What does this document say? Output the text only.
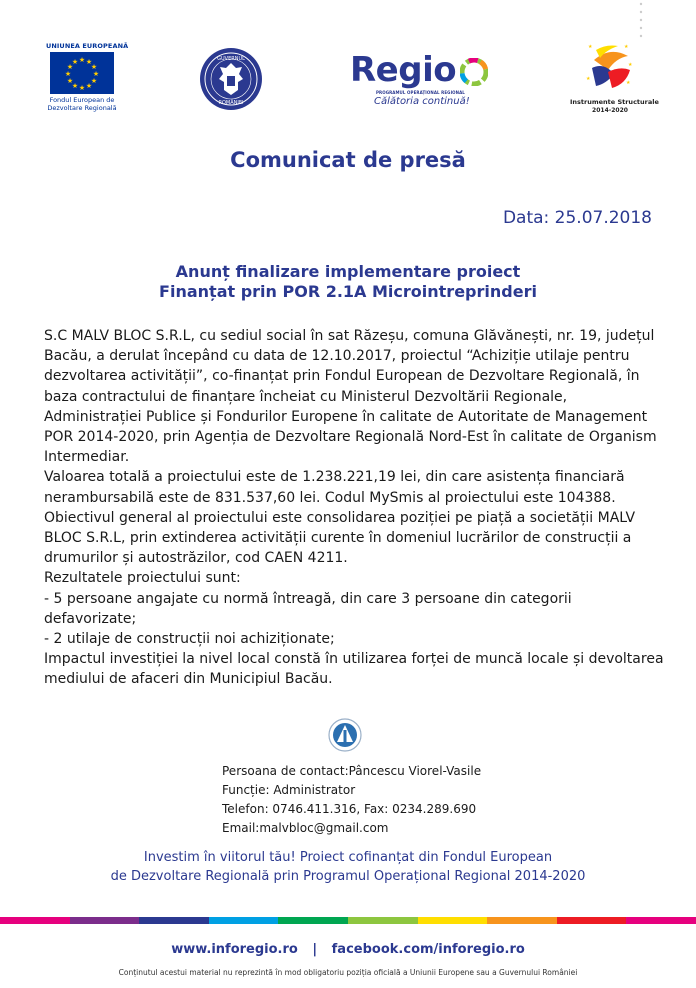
UNIUNEA EUROPEANĂ
★ ★
★
★
★
★
★
★
★
★
★
★
Fondul European de
Dezvoltare Regională
GUVERNUL
ROMÂNIEI
Regio
PROGRAMUL OPERAȚIONAL REGIONAL
Călătoria continuă!
★	★
★
★
★
Instrumente Structurale
2014-2020
Comunicat de presă
Data: 25.07.2018
Anunț finalizare implementare proiect
Finanțat prin POR 2.1A Microintreprinderi

S.C MALV BLOC S.R.L, cu sediul social în sat Răzeșu, comuna Glăvănești, nr. 19, județul Bacău, a derulat începând cu data de 12.10.2017, proiectul “Achiziție utilaje pentru dezvoltarea activității”, co-finanțat prin Fondul European de Dezvoltare Regională, în baza contractului de finanțare încheiat cu Ministerul Dezvoltării Regionale, Administrației Publice și Fondurilor Europene în calitate de Autoritate de Management POR 2014-2020, prin Agenția de Dezvoltare Regională Nord-Est în calitate de Organism Intermediar.

Valoarea totală a proiectului este de 1.238.221,19 lei, din care asistența financiară nerambursabilă este de 831.537,60 lei. Codul MySmis al proiectului este 104388.

Obiectivul general al proiectului este consolidarea poziției pe piață a societății MALV BLOC S.R.L, prin extinderea activității curente în domeniul lucrărilor de construcții a drumurilor și autostrăzilor, cod CAEN 4211.

Rezultatele proiectului sunt:

- 5 persoane angajate cu normă întreagă, din care 3 persoane din categorii defavorizate;

- 2 utilaje de construcții noi achiziționate;

Impactul investiției la nivel local constă în utilizarea forței de muncă locale și devoltarea mediului de afaceri din Municipiul Bacău.

Persoana de contact:Pâncescu Viorel-Vasile
Funcție: Administrator
Telefon: 0746.411.316, Fax: 0234.289.690
Email:malvbloc@gmail.com
Investim în viitorul tău! Proiect cofinanțat din Fondul European
de Dezvoltare Regională prin Programul Operațional Regional 2014-2020
www.inforegio.ro | facebook.com/inforegio.ro
Conținutul acestui material nu reprezintă în mod obligatoriu poziția oficială a Uniunii Europene sau a Guvernului României
